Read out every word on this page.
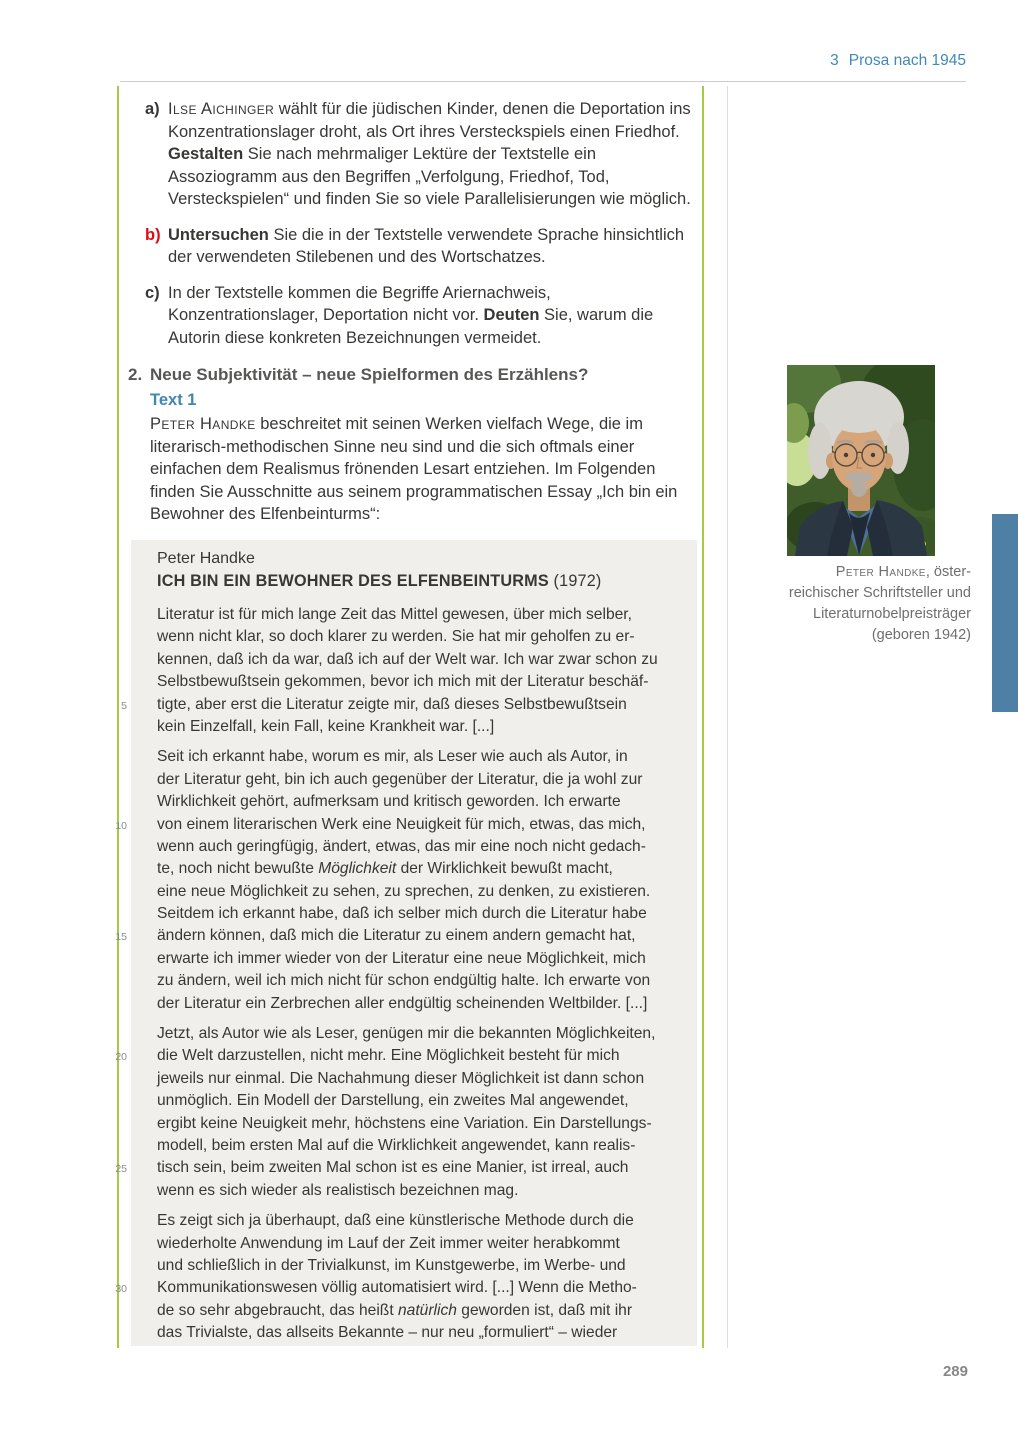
3 Prosa nach 1945
a) Ilse Aichinger wählt für die jüdischen Kinder, denen die Deportation ins Konzentrationslager droht, als Ort ihres Versteckspiels einen Friedhof. Gestalten Sie nach mehrmaliger Lektüre der Textstelle ein Assoziogramm aus den Begriffen „Verfolgung, Friedhof, Tod, Versteckspielen“ und finden Sie so viele Parallelisierungen wie möglich.
b) Untersuchen Sie die in der Textstelle verwendete Sprache hinsichtlich der verwendeten Stilebenen und des Wortschatzes.
c) In der Textstelle kommen die Begriffe Ariernachweis, Konzentrationslager, Deportation nicht vor. Deuten Sie, warum die Autorin diese konkreten Bezeichnungen vermeidet.
2. Neue Subjektivität – neue Spielformen des Erzählens?
Text 1
Peter Handke beschreitet mit seinen Werken vielfach Wege, die im literarisch-methodischen Sinne neu sind und die sich oftmals einer einfachen dem Realismus frönenden Lesart entziehen. Im Folgenden finden Sie Ausschnitte aus seinem programmatischen Essay „Ich bin ein Bewohner des Elfenbeinturms“:
Peter Handke
ICH BIN EIN BEWOHNER DES ELFENBEINTURMS (1972)
Literatur ist für mich lange Zeit das Mittel gewesen, über mich selber,
wenn nicht klar, so doch klarer zu werden. Sie hat mir geholfen zu er-
kennen, daß ich da war, daß ich auf der Welt war. Ich war zwar schon zu
Selbstbewußtsein gekommen, bevor ich mich mit der Literatur beschäf-
tigte, aber erst die Literatur zeigte mir, daß dieses Selbstbewußtsein
5
kein Einzelfall, kein Fall, keine Krankheit war. [...]
Seit ich erkannt habe, worum es mir, als Leser wie auch als Autor, in
der Literatur geht, bin ich auch gegenüber der Literatur, die ja wohl zur
Wirklichkeit gehört, aufmerksam und kritisch geworden. Ich erwarte
von einem literarischen Werk eine Neuigkeit für mich, etwas, das mich,
10
wenn auch geringfügig, ändert, etwas, das mir eine noch nicht gedach-
te, noch nicht bewußte Möglichkeit der Wirklichkeit bewußt macht,
eine neue Möglichkeit zu sehen, zu sprechen, zu denken, zu existieren.
Seitdem ich erkannt habe, daß ich selber mich durch die Literatur habe
ändern können, daß mich die Literatur zu einem andern gemacht hat,
15
erwarte ich immer wieder von der Literatur eine neue Möglichkeit, mich
zu ändern, weil ich mich nicht für schon endgültig halte. Ich erwarte von
der Literatur ein Zerbrechen aller endgültig scheinenden Weltbilder. [...]
Jetzt, als Autor wie als Leser, genügen mir die bekannten Möglichkeiten,
die Welt darzustellen, nicht mehr. Eine Möglichkeit besteht für mich
20
jeweils nur einmal. Die Nachahmung dieser Möglichkeit ist dann schon
unmöglich. Ein Modell der Darstellung, ein zweites Mal angewendet,
ergibt keine Neuigkeit mehr, höchstens eine Variation. Ein Darstellungs-
modell, beim ersten Mal auf die Wirklichkeit angewendet, kann realis-
tisch sein, beim zweiten Mal schon ist es eine Manier, ist irreal, auch
25
wenn es sich wieder als realistisch bezeichnen mag.
Es zeigt sich ja überhaupt, daß eine künstlerische Methode durch die
wiederholte Anwendung im Lauf der Zeit immer weiter herabkommt
und schließlich in der Trivialkunst, im Kunstgewerbe, im Werbe- und
Kommunikationswesen völlig automatisiert wird. [...] Wenn die Metho-
30
de so sehr abgebraucht, das heißt natürlich geworden ist, daß mit ihr
das Trivialste, das allseits Bekannte – nur neu „formuliert“ – wieder
Peter Handke, öster-
reichischer Schriftsteller und
Literaturnobelpreisträger
(geboren 1942)
289
